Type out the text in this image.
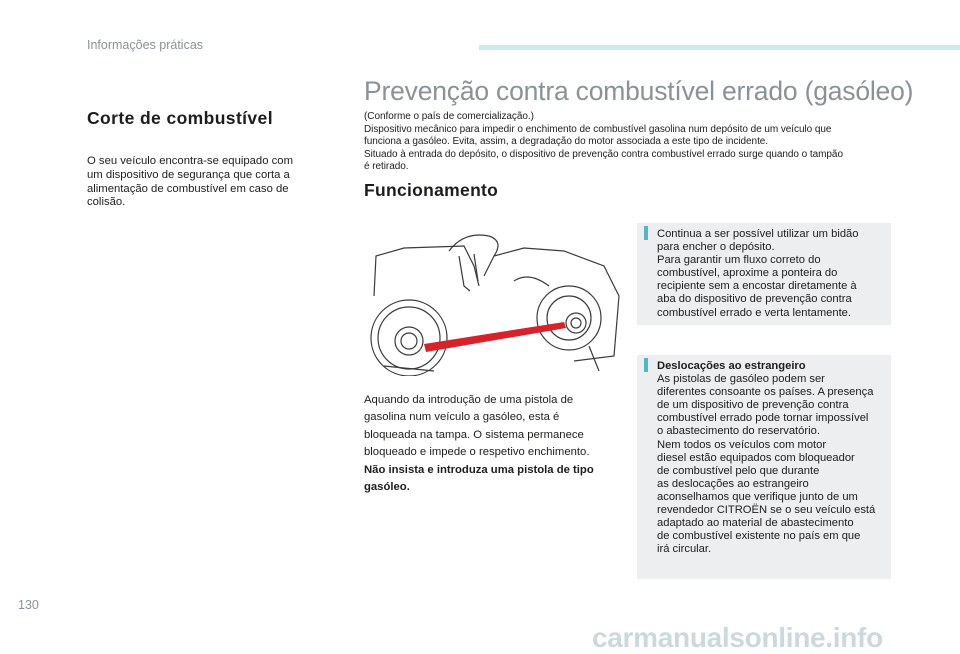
Informações práticas
Corte de combustível
O seu veículo encontra-se equipado com
um dispositivo de segurança que corta a
alimentação de combustível em caso de
colisão.
Prevenção contra combustível errado (gasóleo)
(Conforme o país de comercialização.)
Dispositivo mecânico para impedir o enchimento de combustível gasolina num depósito de um veículo que
funciona a gasóleo. Evita, assim, a degradação do motor associada a este tipo de incidente.
Situado à entrada do depósito, o dispositivo de prevenção contra combustível errado surge quando o tampão
é retirado.
Funcionamento
Aquando da introdução de uma pistola de
gasolina num veículo a gasóleo, esta é
bloqueada na tampa. O sistema permanece
bloqueado e impede o respetivo enchimento.
Não insista e introduza uma pistola de tipo
gasóleo.
Continua a ser possível utilizar um bidão
para encher o depósito.
Para garantir um fluxo correto do
combustível, aproxime a ponteira do
recipiente sem a encostar diretamente à
aba do dispositivo de prevenção contra
combustível errado e verta lentamente.
Deslocações ao estrangeiro
As pistolas de gasóleo podem ser
diferentes consoante os países. A presença
de um dispositivo de prevenção contra
combustível errado pode tornar impossível
o abastecimento do reservatório.
Nem todos os veículos com motor
diesel estão equipados com bloqueador
de combustível pelo que durante
as deslocações ao estrangeiro
aconselhamos que verifique junto de um
revendedor CITROËN se o seu veículo está
adaptado ao material de abastecimento
de combustível existente no país em que
irá circular.
130
carmanualsonline.info
